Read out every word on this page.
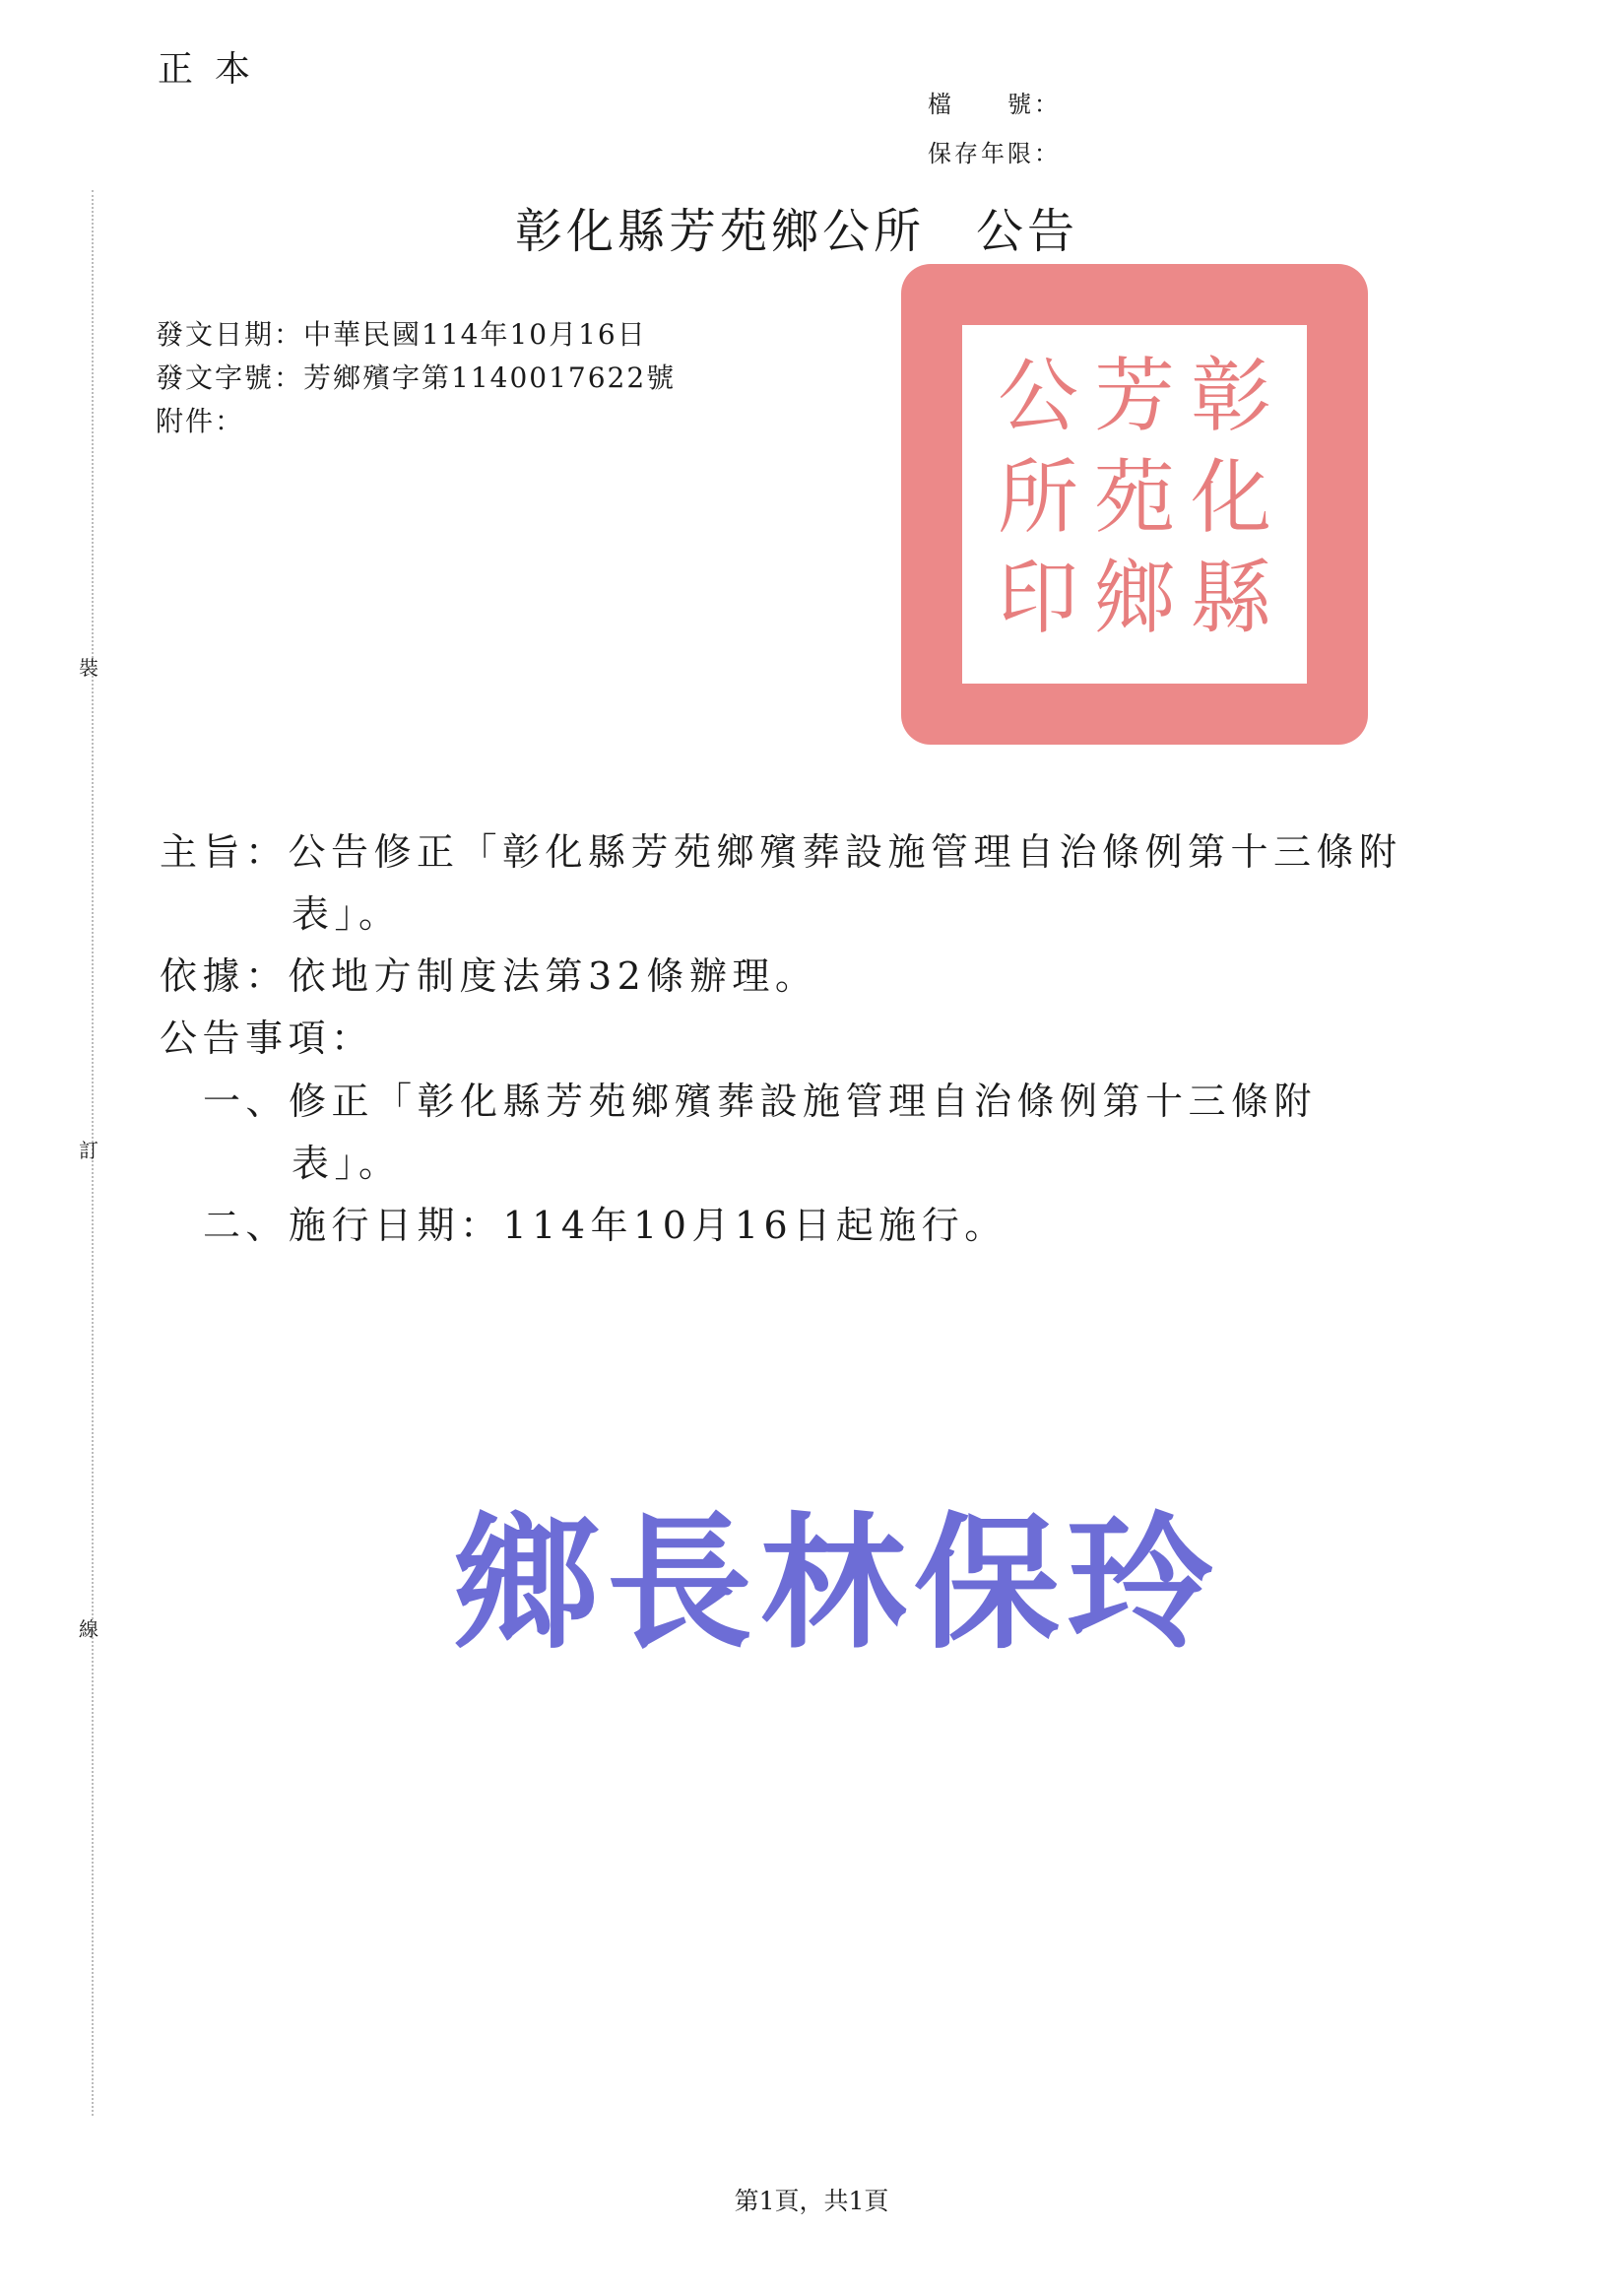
裝
訂
線
正本
檔　　號：
保存年限：
彰化縣芳苑鄉公所　公告
發文日期：中華民國114年10月16日
發文字號：芳鄉殯字第1140017622號
附件：	彰
化
縣
芳
苑
鄉
公
所
印
主旨：公告修正「彰化縣芳苑鄉殯葬設施管理自治條例第十三條附
表」。
依據：依地方制度法第32條辦理。
公告事項：
一、修正「彰化縣芳苑鄉殯葬設施管理自治條例第十三條附
表」。
二、施行日期：114年10月16日起施行。
鄉長林保玲
第1頁，共1頁
